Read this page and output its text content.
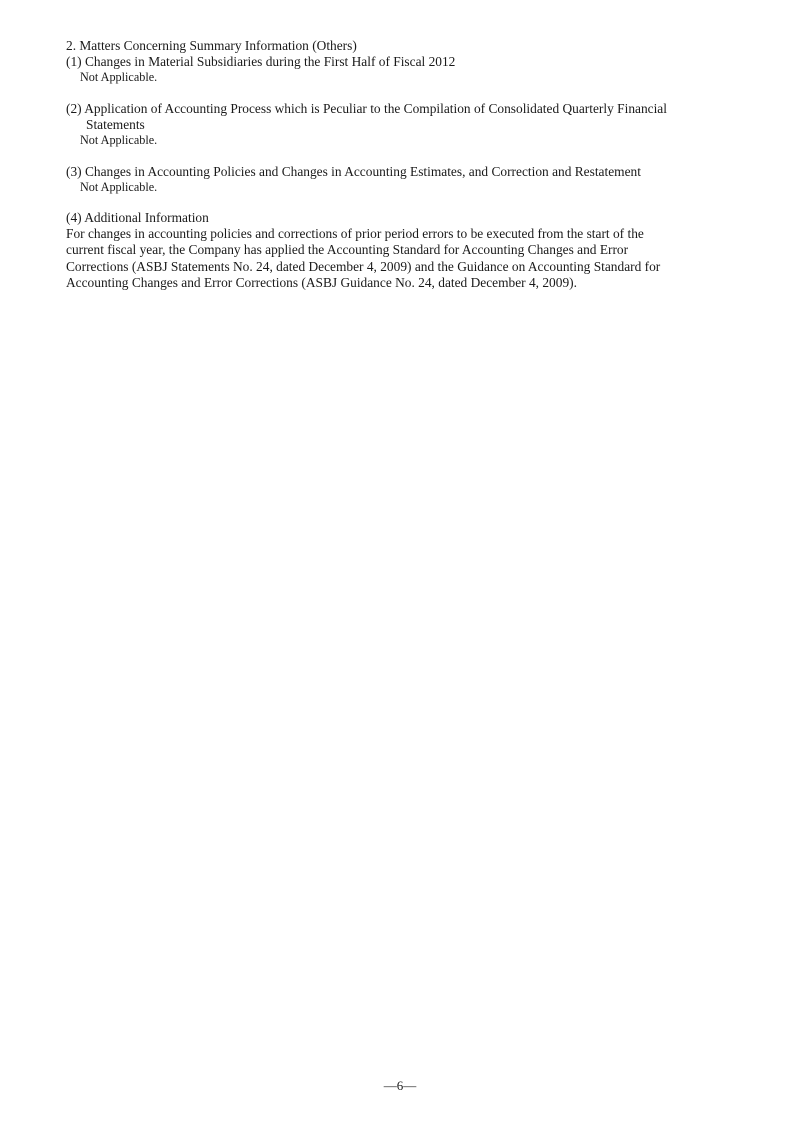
2. Matters Concerning Summary Information (Others)

(1) Changes in Material Subsidiaries during the First Half of Fiscal 2012

Not Applicable.

(2) Application of Accounting Process which is Peculiar to the Compilation of Consolidated Quarterly Financial
Statements

Not Applicable.

(3) Changes in Accounting Policies and Changes in Accounting Estimates, and Correction and Restatement

Not Applicable.

(4) Additional Information

For changes in accounting policies and corrections of prior period errors to be executed from the start of the

current fiscal year, the Company has applied the Accounting Standard for Accounting Changes and Error

Corrections (ASBJ Statements No. 24, dated December 4, 2009) and the Guidance on Accounting Standard for

Accounting Changes and Error Corrections (ASBJ Guidance No. 24, dated December 4, 2009).

—6—
